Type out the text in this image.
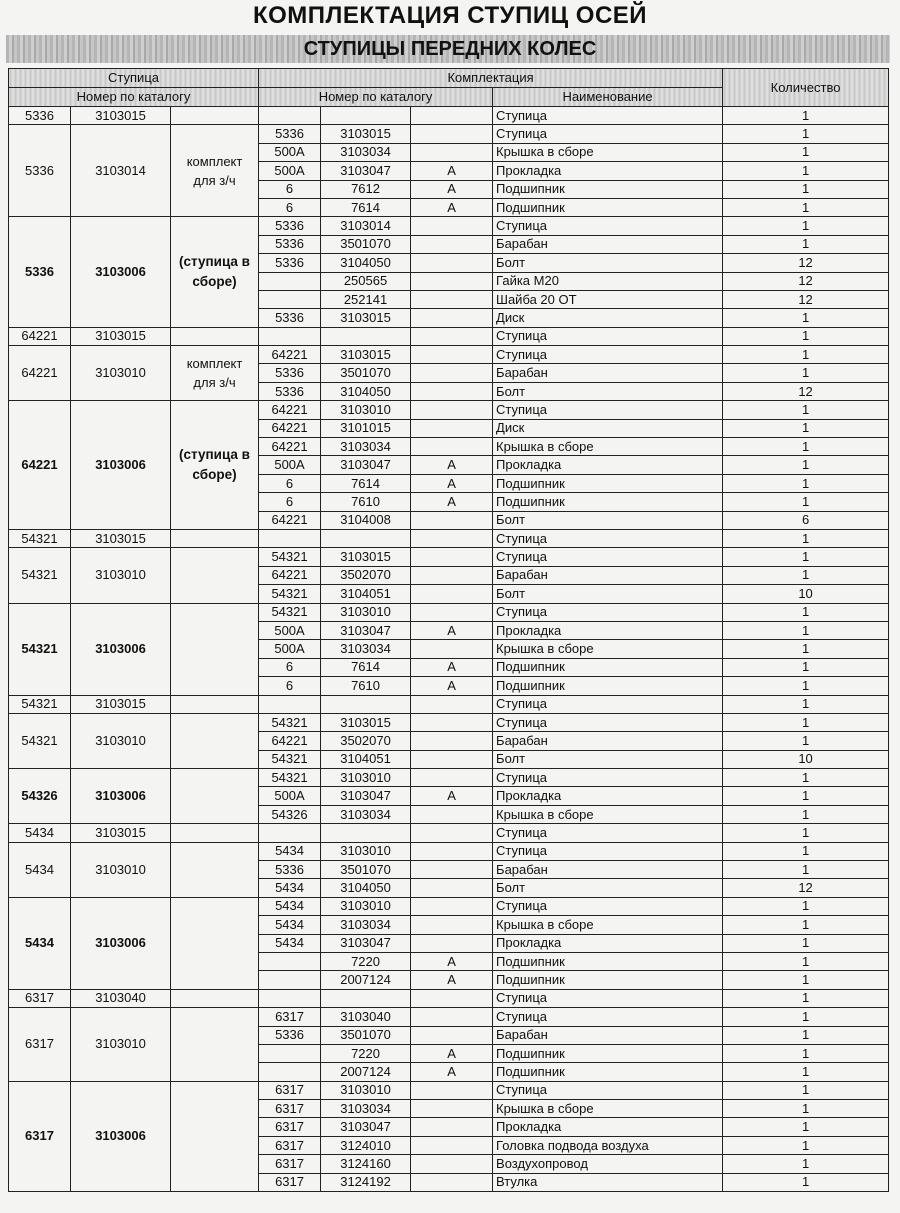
КОМПЛЕКТАЦИЯ СТУПИЦ ОСЕЙ
СТУПИЦЫ ПЕРЕДНИХ КОЛЕС
Ступица			Комплектация				Количество
Номер по каталогу			Номер по каталогу			Наименование	
5336	3103015					Ступица	1
5336	3103014	комплект для з/ч	5336	3103015		Ступица	1
			500A	3103034		Крышка в сборе	1
			500A	3103047	A	Прокладка	1
			6	7612	A	Подшипник	1
			6	7614	A	Подшипник	1
5336	3103006	(ступица в сборе)	5336	3103014		Ступица	1
			5336	3501070		Барабан	1
			5336	3104050		Болт	12
				250565		Гайка М20	12
				252141		Шайба 20 ОТ	12
			5336	3103015		Диск	1
64221	3103015					Ступица	1
64221	3103010	комплект для з/ч	64221	3103015		Ступица	1
			5336	3501070		Барабан	1
			5336	3104050		Болт	12
64221	3103006	(ступица в сборе)	64221	3103010		Ступица	1
			64221	3101015		Диск	1
			64221	3103034		Крышка в сборе	1
			500A	3103047	A	Прокладка	1
			6	7614	A	Подшипник	1
			6	7610	A	Подшипник	1
			64221	3104008		Болт	6
54321	3103015					Ступица	1
54321	3103010		54321	3103015		Ступица	1
			64221	3502070		Барабан	1
			54321	3104051		Болт	10
54321	3103006		54321	3103010		Ступица	1
			500A	3103047	A	Прокладка	1
			500A	3103034		Крышка в сборе	1
			6	7614	A	Подшипник	1
			6	7610	A	Подшипник	1
54321	3103015					Ступица	1
54321	3103010		54321	3103015		Ступица	1
			64221	3502070		Барабан	1
			54321	3104051		Болт	10
54326	3103006		54321	3103010		Ступица	1
			500A	3103047	A	Прокладка	1
			54326	3103034		Крышка в сборе	1
5434	3103015					Ступица	1
5434	3103010		5434	3103010		Ступица	1
			5336	3501070		Барабан	1
			5434	3104050		Болт	12
5434	3103006		5434	3103010		Ступица	1
			5434	3103034		Крышка в сборе	1
			5434	3103047		Прокладка	1
				7220	A	Подшипник	1
				2007124	A	Подшипник	1
6317	3103040					Ступица	1
6317	3103010		6317	3103040		Ступица	1
			5336	3501070		Барабан	1
				7220	A	Подшипник	1
				2007124	A	Подшипник	1
6317	3103006		6317	3103010		Ступица	1
			6317	3103034		Крышка в сборе	1
			6317	3103047		Прокладка	1
			6317	3124010		Головка подвода воздуха	1
			6317	3124160		Воздухопровод	1
			6317	3124192		Втулка	1
